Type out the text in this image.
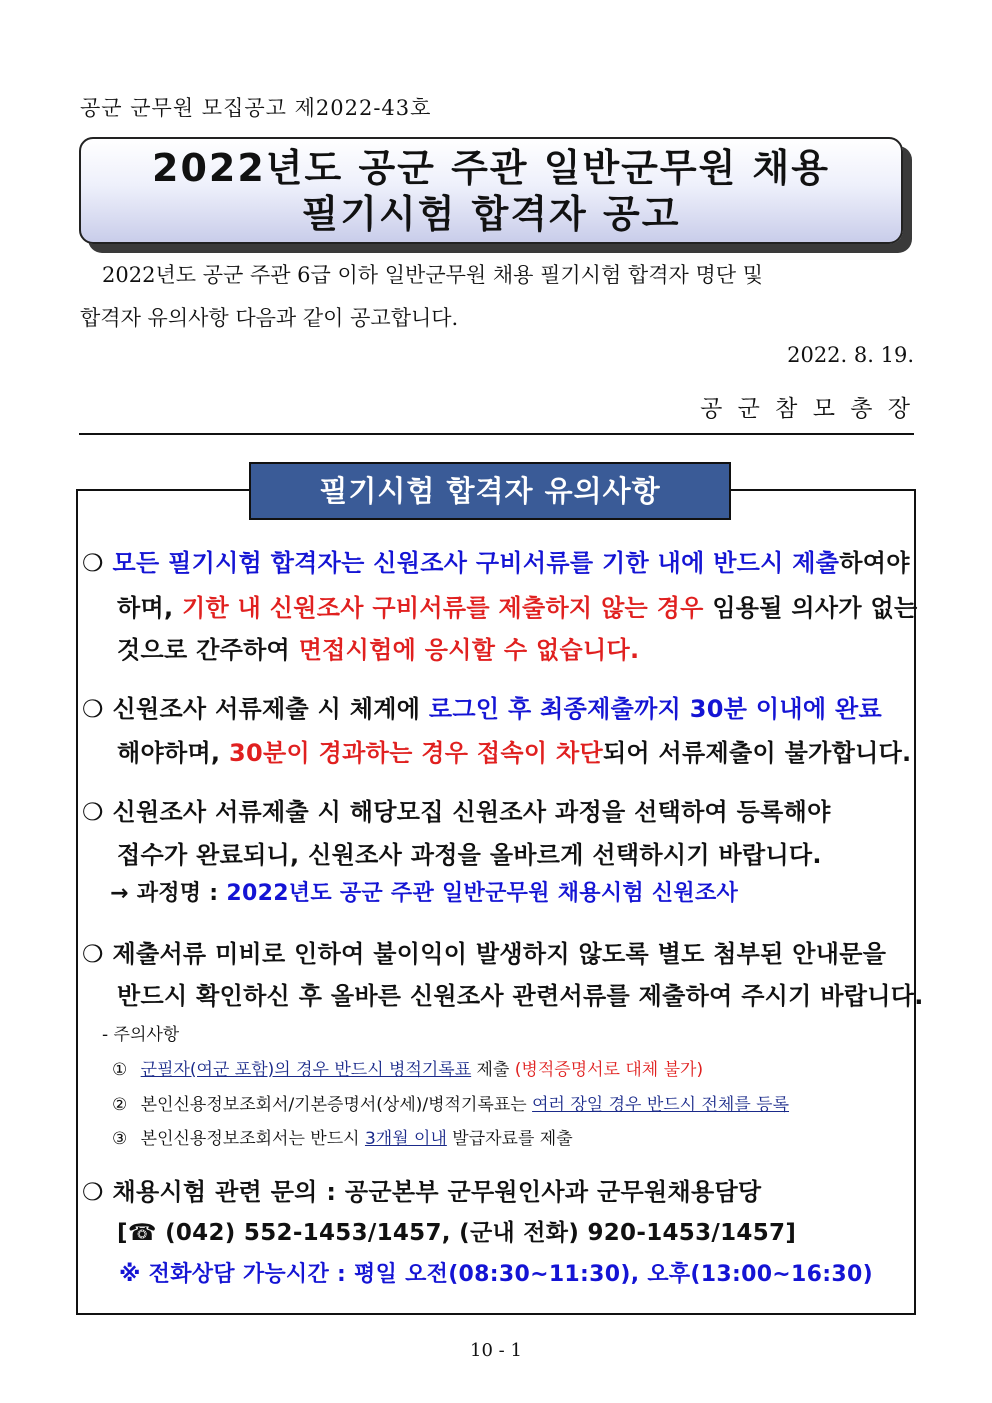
공군 군무원 모집공고 제2022-43호
2022년도 공군 주관 일반군무원 채용
필기시험 합격자 공고
2022년도 공군 주관 6급 이하 일반군무원 채용 필기시험 합격자 명단 및
합격자 유의사항 다음과 같이 공고합니다.
2022. 8. 19.
공 군 참 모 총 장
필기시험 합격자 유의사항
❍ 모든 필기시험 합격자는 신원조사 구비서류를 기한 내에 반드시 제출하여야
하며, 기한 내 신원조사 구비서류를 제출하지 않는 경우 임용될 의사가 없는
것으로 간주하여 면접시험에 응시할 수 없습니다.
❍ 신원조사 서류제출 시 체계에 로그인 후 최종제출까지 30분 이내에 완료
해야하며, 30분이 경과하는 경우 접속이 차단되어 서류제출이 불가합니다.
❍ 신원조사 서류제출 시 해당모집 신원조사 과정을 선택하여 등록해야
접수가 완료되니, 신원조사 과정을 올바르게 선택하시기 바랍니다.
→ 과정명 : 2022년도 공군 주관 일반군무원 채용시험 신원조사
❍ 제출서류 미비로 인하여 불이익이 발생하지 않도록 별도 첨부된 안내문을
반드시 확인하신 후 올바른 신원조사 관련서류를 제출하여 주시기 바랍니다.
- 주의사항
① 군필자(여군 포함)의 경우 반드시 병적기록표 제출 (병적증명서로 대체 불가)
② 본인신용정보조회서/기본증명서(상세)/병적기록표는 여러 장일 경우 반드시 전체를 등록
③ 본인신용정보조회서는 반드시 3개월 이내 발급자료를 제출
❍ 채용시험 관련 문의 : 공군본부 군무원인사과 군무원채용담당
[☎ (042) 552-1453/1457, (군내 전화) 920-1453/1457]
※ 전화상담 가능시간 : 평일 오전(08:30~11:30), 오후(13:00~16:30)
10 - 1
